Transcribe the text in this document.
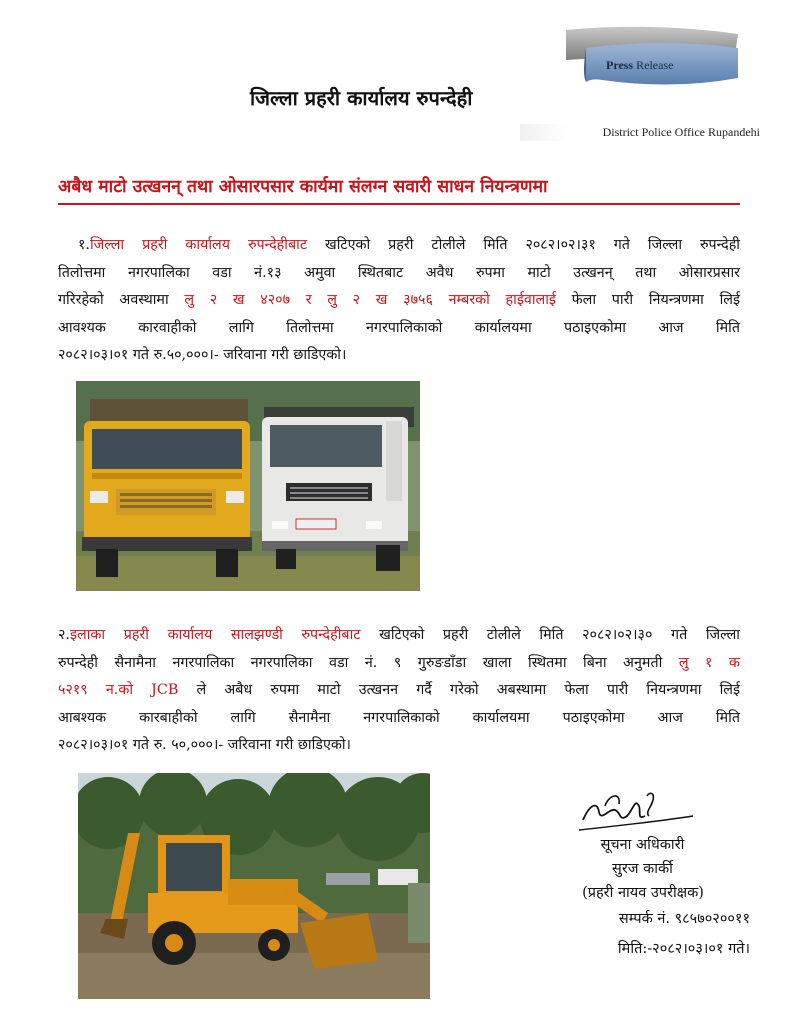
Press Release
जिल्ला प्रहरी कार्यालय रुपन्देही
District Police Office Rupandehi
अबैध माटो उत्खनन् तथा ओसारपसार कार्यमा संलग्न सवारी साधन नियन्त्रणमा
१.जिल्ला प्रहरी कार्यालय रुपन्देहीबाट खटिएको प्रहरी टोलीले मिति २०८२।०२।३१ गते जिल्ला रुपन्देही
तिलोत्तमा नगरपालिका वडा नं.१३ अमुवा स्थितबाट अवैध रुपमा माटो उत्खनन् तथा ओसारप्रसार
गरिरहेको अवस्थामा लु २ ख ४२०७ र लु २ ख ३७५६ नम्बरको हाईवालाई फेला पारी नियन्त्रणमा लिई
आवश्यक कारवाहीको लागि तिलोत्तमा नगरपालिकाको कार्यालयमा पठाइएकोमा आज मिति
२०८२।०३।०१ गते रु.५०,०००।- जरिवाना गरी छाडिएको।
२.इलाका प्रहरी कार्यालय सालझण्डी रुपन्देहीबाट खटिएको प्रहरी टोलीले मिति २०८२।०२।३० गते जिल्ला
रुपन्देही सैनामैना नगरपालिका नगरपालिका वडा नं. ९ गुरुङडाँडा खाला स्थितमा बिना अनुमती लु १ क
५२१९ न.को JCB ले अबैध रुपमा माटो उत्खनन गर्दै गरेको अबस्थामा फेला पारी नियन्त्रणमा लिई
आबश्यक कारबाहीको लागि सैनामैना नगरपालिकाको कार्यालयमा पठाइएकोमा आज मिति
२०८२।०३।०१ गते रु. ५०,०००।- जरिवाना गरी छाडिएको।
सूचना अधिकारी
सुरज कार्की
(प्रहरी नायव उपरीक्षक)
सम्पर्क नं. ९८५७०२००११
मिति:-२०८२।०३।०१ गते।
